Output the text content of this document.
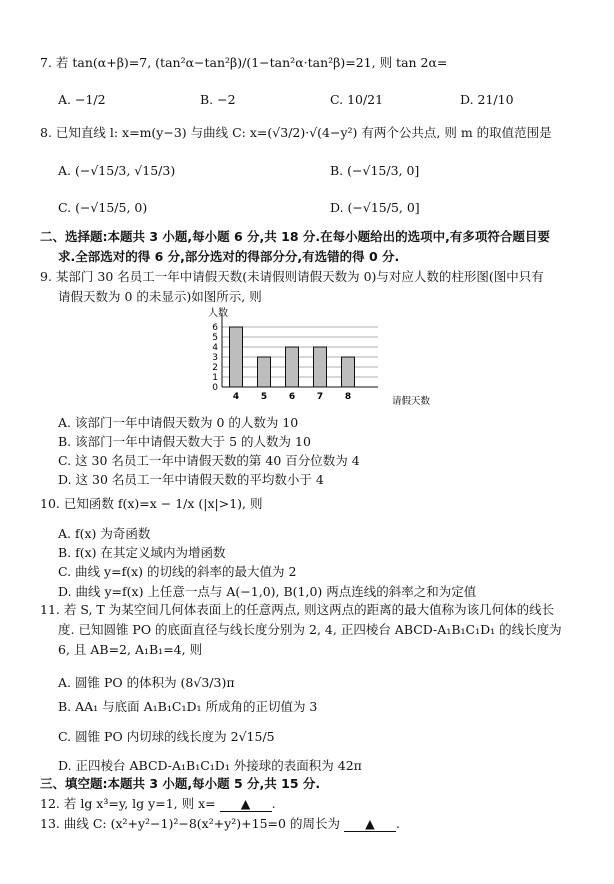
7. 若 tan(α+β)=7, (tan²α−tan²β)/(1−tan²α·tan²β)=21, 则 tan 2α=
A. −1/2	B. −2	C. 10/21	D. 21/10
8. 已知直线 l: x=m(y−3) 与曲线 C: x=(√3/2)·√(4−y²) 有两个公共点, 则 m 的取值范围是
A. (−√15/3, √15/3)	B. (−√15/3, 0]
C. (−√15/5, 0)	D. (−√15/5, 0]
二、选择题:本题共 3 小题,每小题 6 分,共 18 分.在每小题给出的选项中,有多项符合题目要
求.全部选对的得 6 分,部分选对的得部分分,有选错的得 0 分.
9. 某部门 30 名员工一年中请假天数(未请假则请假天数为 0)与对应人数的柱形图(图中只有
请假天数为 0 的未显示)如图所示, 则
人数
0
1
2
3
4
5
6
4 5 6 7 8	请假天数
A. 该部门一年中请假天数为 0 的人数为 10
B. 该部门一年中请假天数大于 5 的人数为 10
C. 这 30 名员工一年中请假天数的第 40 百分位数为 4
D. 这 30 名员工一年中请假天数的平均数小于 4
10. 已知函数 f(x)=x − 1/x (|x|>1), 则
A. f(x) 为奇函数
B. f(x) 在其定义域内为增函数
C. 曲线 y=f(x) 的切线的斜率的最大值为 2
D. 曲线 y=f(x) 上任意一点与 A(−1,0), B(1,0) 两点连线的斜率之和为定值
11. 若 S, T 为某空间几何体表面上的任意两点, 则这两点的距离的最大值称为该几何体的线长
度. 已知圆锥 PO 的底面直径与线长度分别为 2, 4, 正四棱台 ABCD-A₁B₁C₁D₁ 的线长度为
6, 且 AB=2, A₁B₁=4, 则
A. 圆锥 PO 的体积为 (8√3/3)π
B. AA₁ 与底面 A₁B₁C₁D₁ 所成角的正切值为 3
C. 圆锥 PO 内切球的线长度为 2√15/5
D. 正四棱台 ABCD-A₁B₁C₁D₁ 外接球的表面积为 42π
三、填空题:本题共 3 小题,每小题 5 分,共 15 分.
12. 若 lg x³=y, lg y=1, 则 x= ▲ .
13. 曲线 C: (x²+y²−1)²−8(x²+y²)+15=0 的周长为 ▲ .
